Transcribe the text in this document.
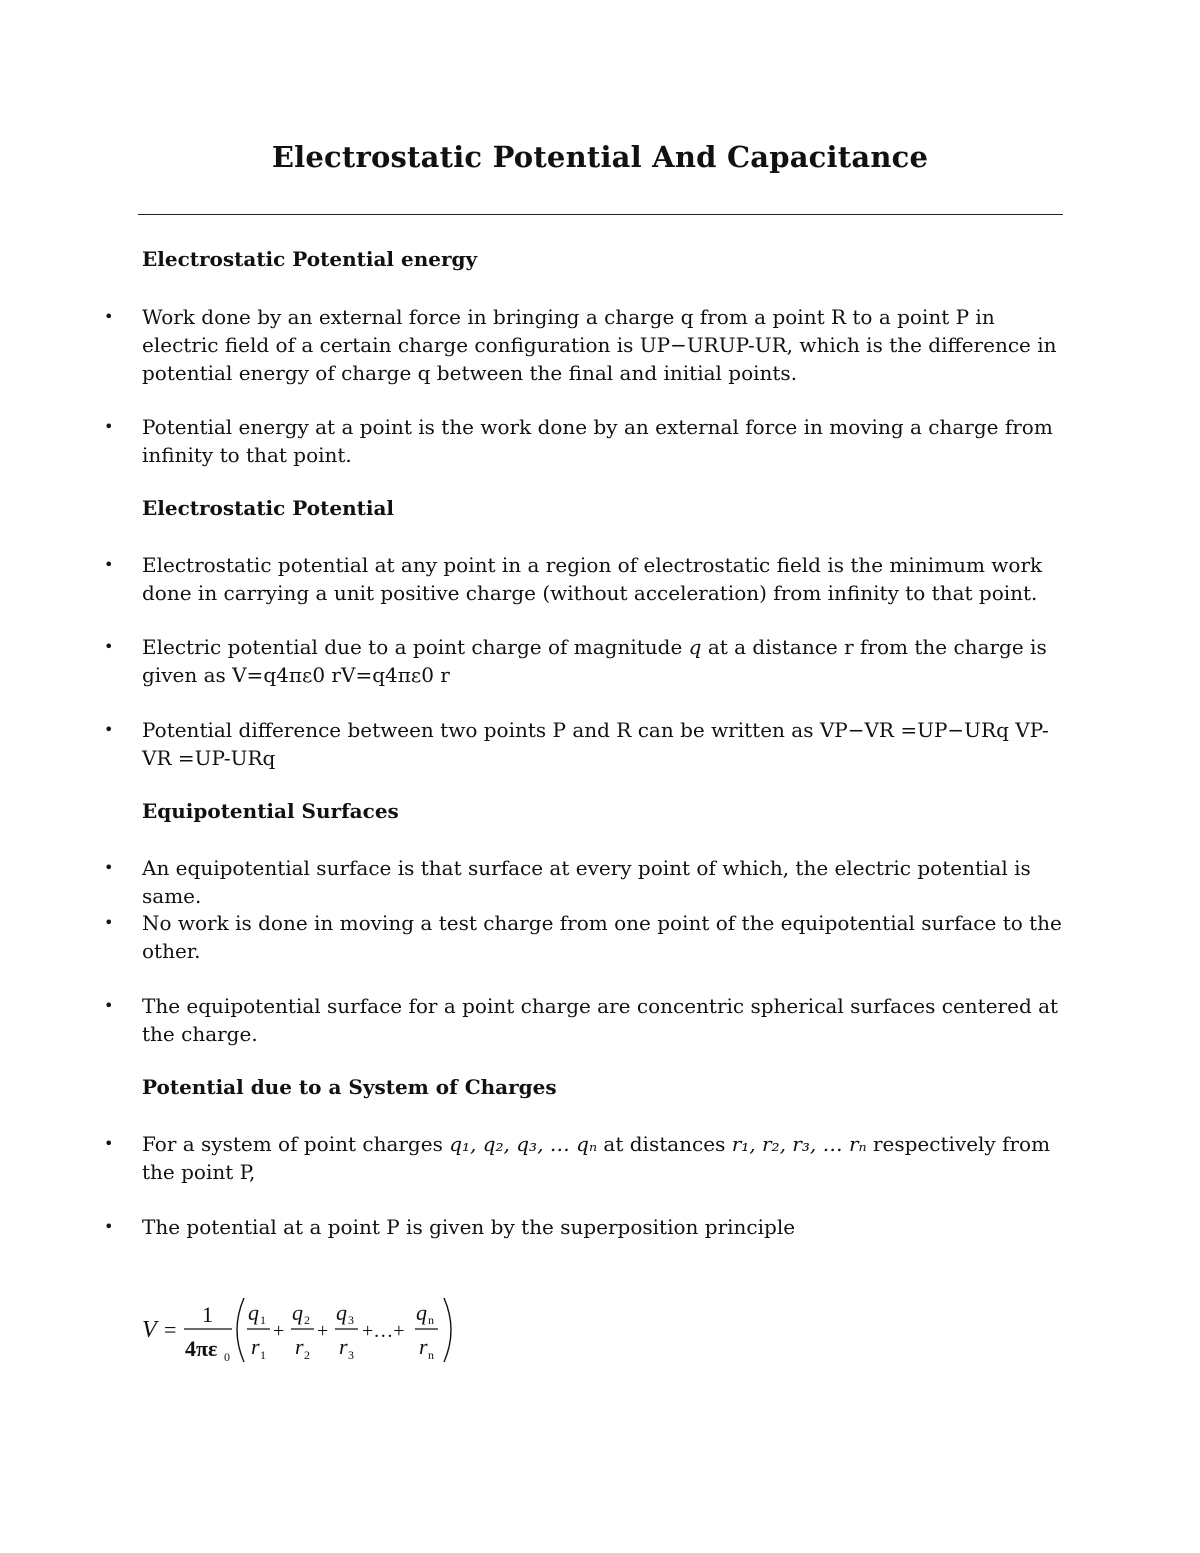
Electrostatic Potential And Capacitance
Electrostatic Potential energy
• Work done by an external force in bringing a charge q from a point R to a point P in electric field of a certain charge configuration is UP−URUP-UR, which is the difference in potential energy of charge q between the final and initial points.
• Potential energy at a point is the work done by an external force in moving a charge from infinity to that point.
Electrostatic Potential
• Electrostatic potential at any point in a region of electrostatic field is the minimum work done in carrying a unit positive charge (without acceleration) from infinity to that point.
• Electric potential due to a point charge of magnitude q at a distance r from the charge is given as V=q4πε0 rV=q4πε0 r
• Potential difference between two points P and R can be written as VP−VR =UP−URq VP-VR =UP-URq
Equipotential Surfaces
• An equipotential surface is that surface at every point of which, the electric potential is same.
• No work is done in moving a test charge from one point of the equipotential surface to the other.
• The equipotential surface for a point charge are concentric spherical surfaces centered at the charge.
Potential due to a System of Charges
• For a system of point charges q₁, q₂, q₃, … qₙ at distances r₁, r₂, r₃, … rₙ respectively from the point P,
• The potential at a point P is given by the superposition principle
V =
1
4πε 0
q 1
r 1
+
q 2
r 2
+
q 3
r 3
+…+
q n
r n
